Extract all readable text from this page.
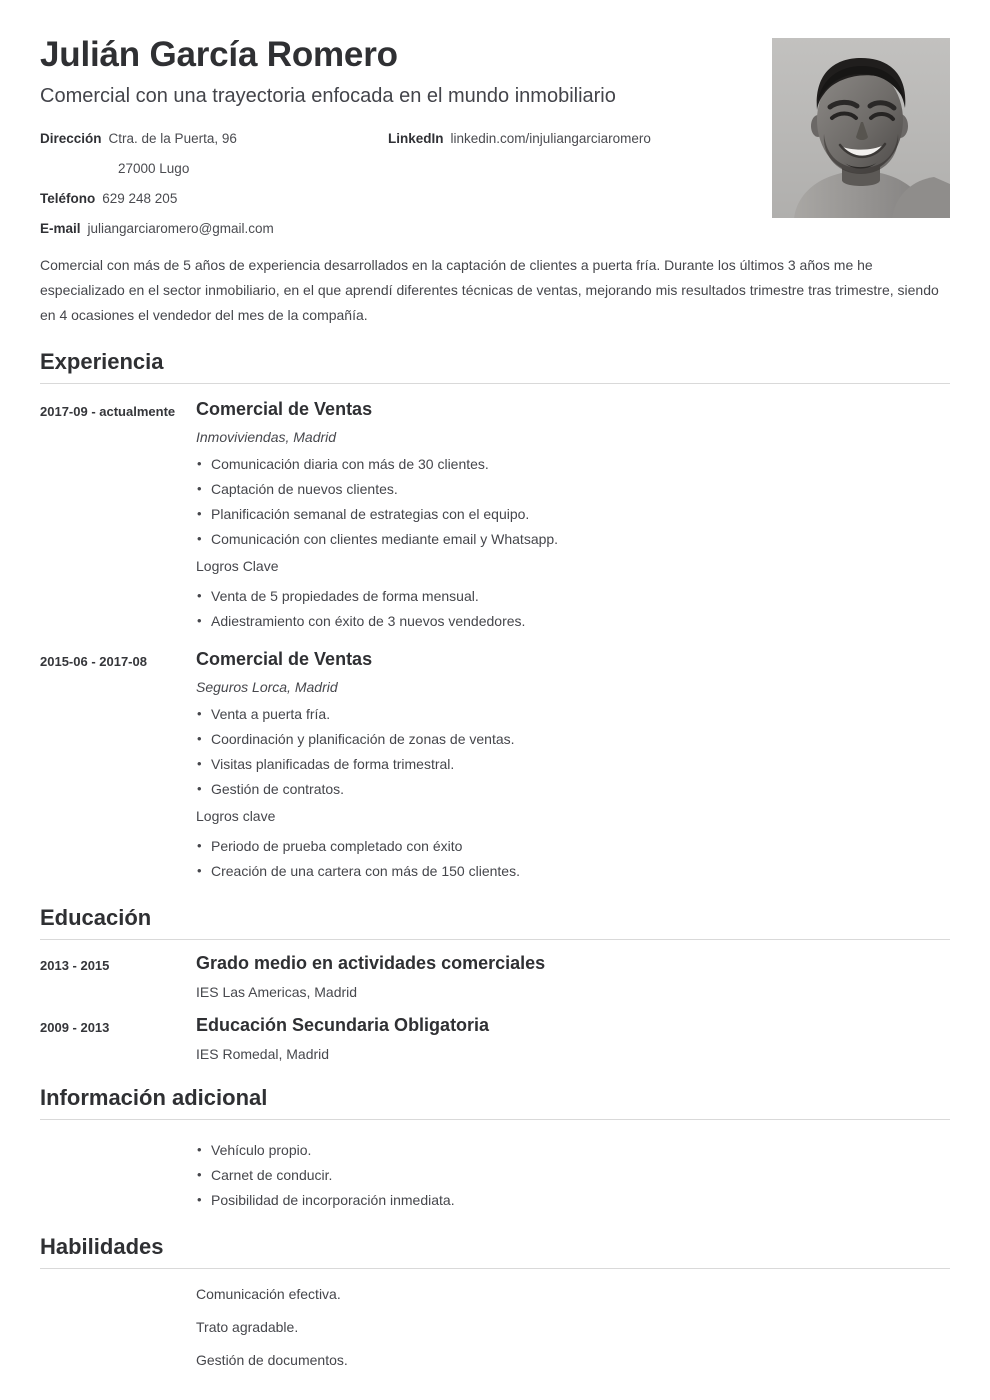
Julián García Romero
Comercial con una trayectoria enfocada en el mundo inmobiliario
Dirección Ctra. de la Puerta, 96	LinkedIn linkedin.com/injuliangarciaromero
27000 Lugo
Teléfono 629 248 205
E-mail juliangarciaromero@gmail.com

Comercial con más de 5 años de experiencia desarrollados en la captación de clientes a puerta fría. Durante los últimos 3 años me he especializado en el sector inmobiliario, en el que aprendí diferentes técnicas de ventas, mejorando mis resultados trimestre tras trimestre, siendo en 4 ocasiones el vendedor del mes de la compañía.

Experiencia
2017-09 - actualmente	Comercial de Ventas

Inmoviviendas, Madrid

• Comunicación diaria con más de 30 clientes.
• Captación de nuevos clientes.
• Planificación semanal de estrategias con el equipo.
• Comunicación con clientes mediante email y Whatsapp.

Logros Clave

• Venta de 5 propiedades de forma mensual.
• Adiestramiento con éxito de 3 nuevos vendedores.
2015-06 - 2017-08	Comercial de Ventas

Seguros Lorca, Madrid

• Venta a puerta fría.
• Coordinación y planificación de zonas de ventas.
• Visitas planificadas de forma trimestral.
• Gestión de contratos.

Logros clave

• Periodo de prueba completado con éxito
• Creación de una cartera con más de 150 clientes.
Educación
2013 - 2015	Grado medio en actividades comerciales

IES Las Americas, Madrid

2009 - 2013	Educación Secundaria Obligatoria

IES Romedal, Madrid

Información adicional
• Vehículo propio.
• Carnet de conducir.
• Posibilidad de incorporación inmediata.
Habilidades
Comunicación efectiva.
Trato agradable.
Gestión de documentos.
